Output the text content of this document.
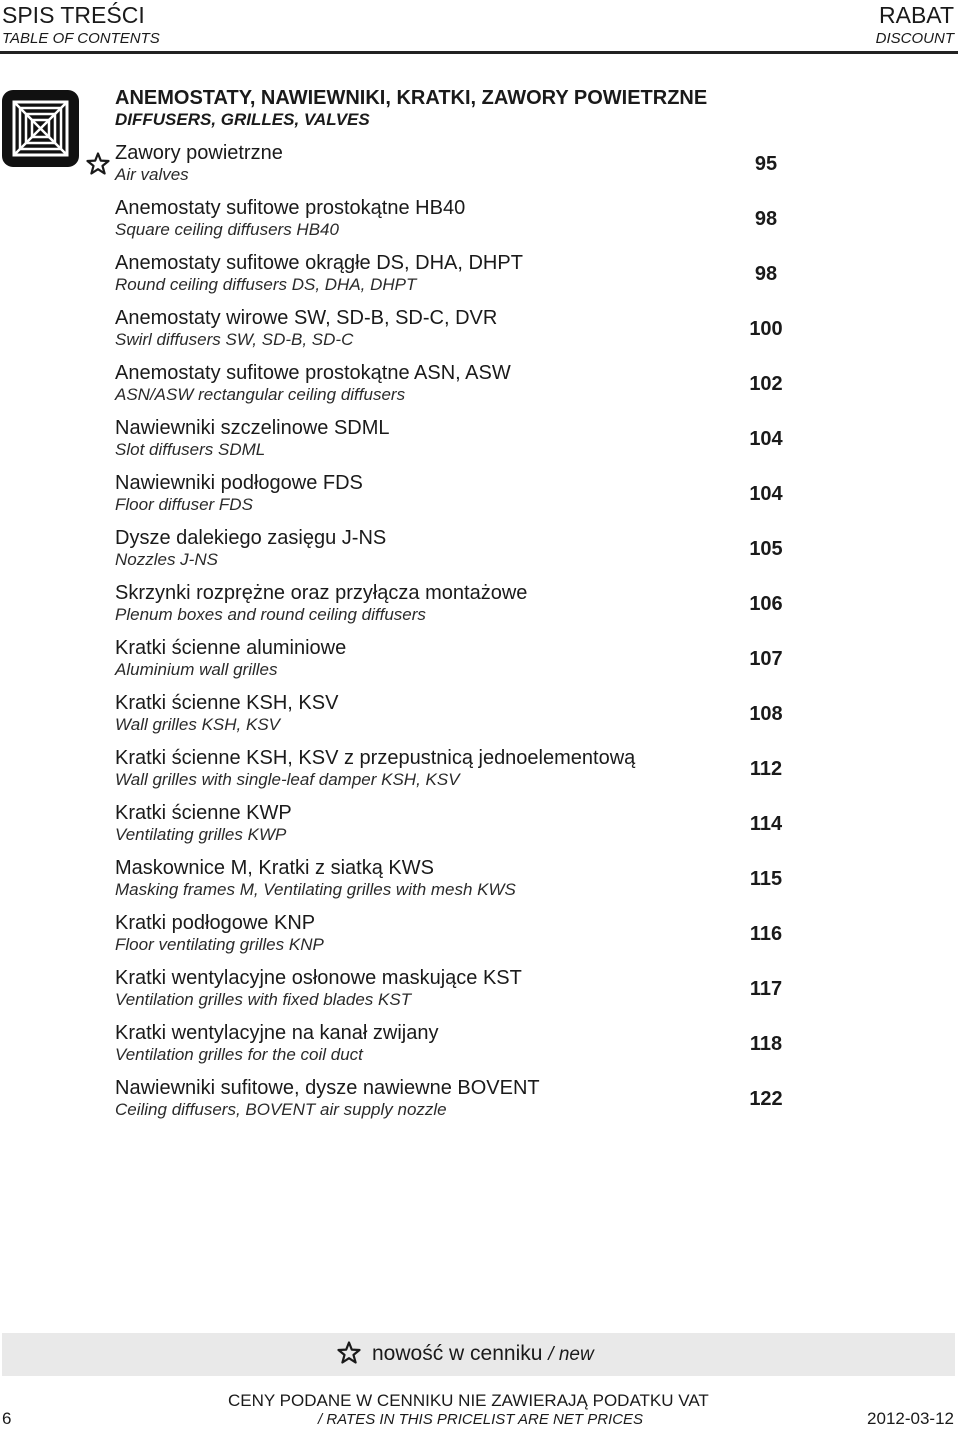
SPIS TREŚCI
TABLE OF CONTENTS
RABAT
DISCOUNT
ANEMOSTATY, NAWIEWNIKI, KRATKI, ZAWORY POWIETRZNE
DIFFUSERS, GRILLES, VALVES
Zawory powietrzne
Air valves	95
Anemostaty sufitowe prostokątne HB40
Square ceiling diffusers HB40	98
Anemostaty sufitowe okrągłe DS, DHA, DHPT
Round ceiling diffusers DS, DHA, DHPT	98
Anemostaty wirowe SW, SD-B, SD-C, DVR
Swirl diffusers SW, SD-B, SD-C	100
Anemostaty sufitowe prostokątne ASN, ASW
ASN/ASW rectangular ceiling diffusers	102
Nawiewniki szczelinowe SDML
Slot diffusers SDML	104
Nawiewniki podłogowe FDS
Floor diffuser FDS	104
Dysze dalekiego zasięgu J-NS
Nozzles J-NS	105
Skrzynki rozprężne oraz przyłącza montażowe
Plenum boxes and round ceiling diffusers	106
Kratki ścienne aluminiowe
Aluminium wall grilles	107
Kratki ścienne KSH, KSV
Wall grilles KSH, KSV	108
Kratki ścienne KSH, KSV z przepustnicą jednoelementową
Wall grilles with single-leaf damper KSH, KSV	112
Kratki ścienne KWP
Ventilating grilles KWP	114
Maskownice M, Kratki z siatką KWS
Masking frames M, Ventilating grilles with mesh KWS	115
Kratki podłogowe KNP
Floor ventilating grilles KNP	116
Kratki wentylacyjne osłonowe maskujące KST
Ventilation grilles with fixed blades KST	117
Kratki wentylacyjne na kanał zwijany
Ventilation grilles for the coil duct	118
Nawiewniki sufitowe, dysze nawiewne BOVENT
Ceiling diffusers, BOVENT air supply nozzle	122
nowość w cenniku / new
6
CENY PODANE W CENNIKU NIE ZAWIERAJĄ PODATKU VAT
/ RATES IN THIS PRICELIST ARE NET PRICES	2012-03-12
